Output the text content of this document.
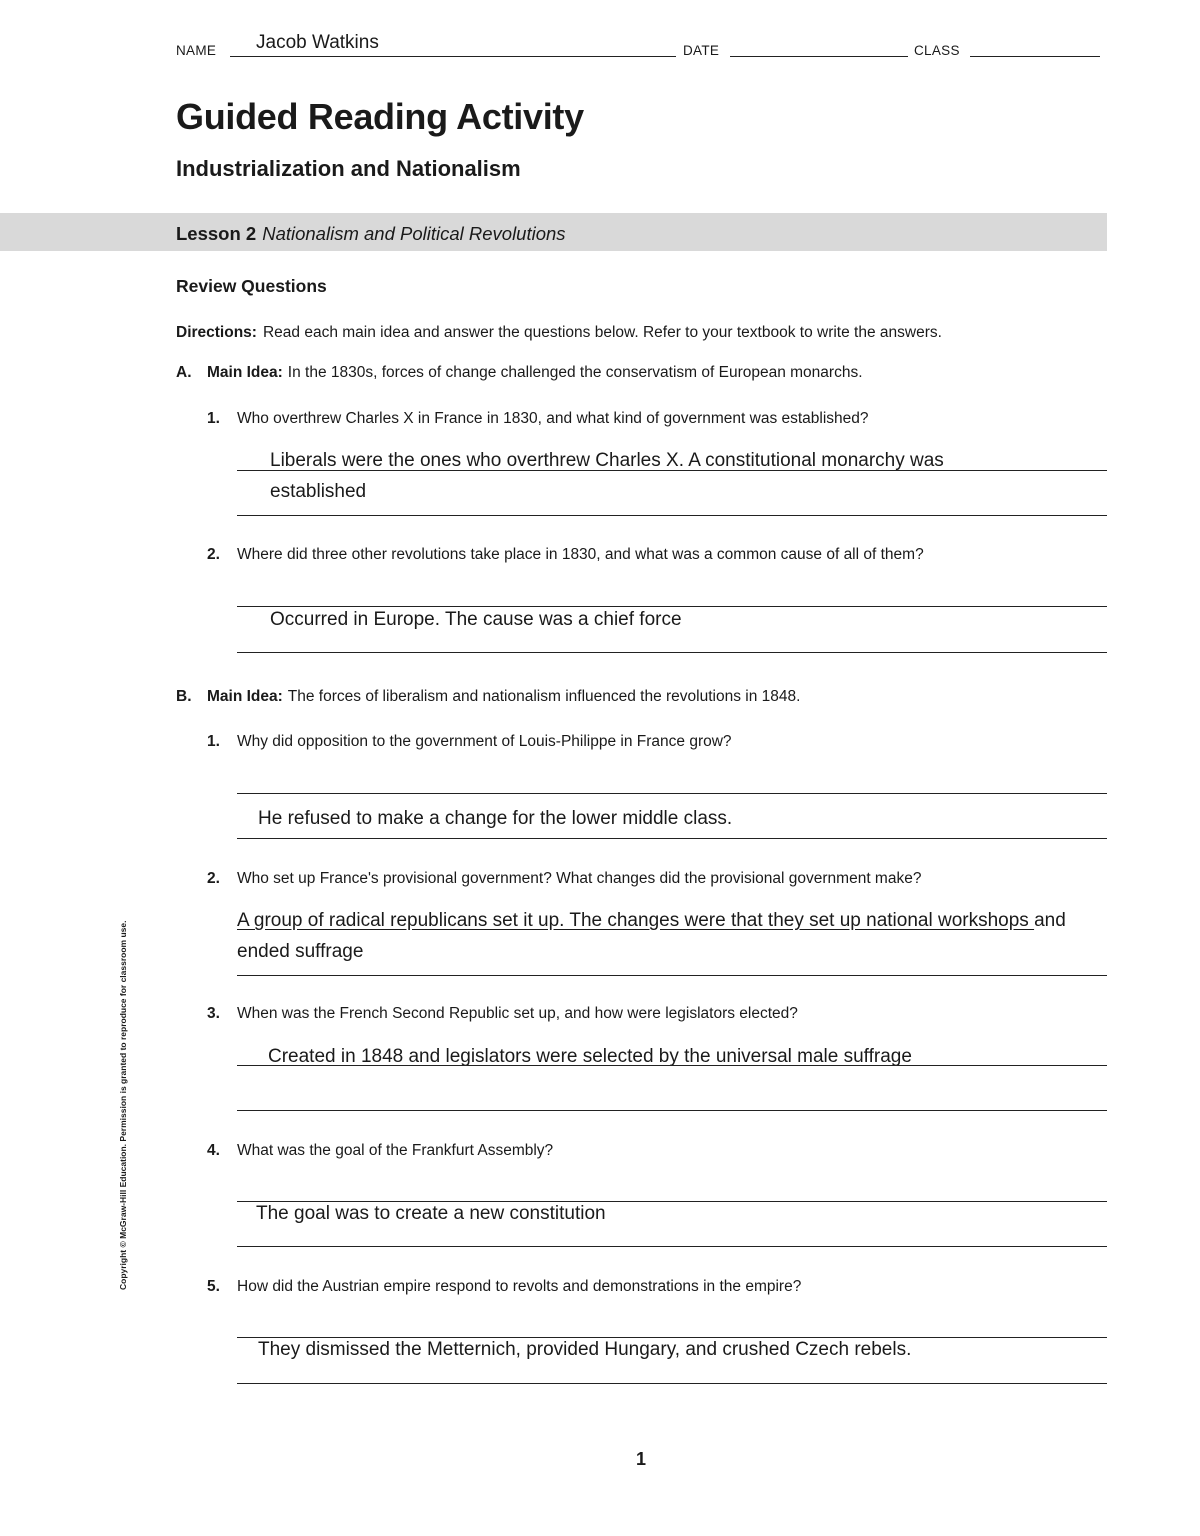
NAME Jacob Watkins	DATE	CLASS
Guided Reading Activity
Industrialization and Nationalism
Lesson 2 Nationalism and Political Revolutions
Review Questions
Directions: Read each main idea and answer the questions below. Refer to your textbook to write the answers.
A. Main Idea: In the 1830s, forces of change challenged the conservatism of European monarchs.
1. Who overthrew Charles X in France in 1830, and what kind of government was established?
Liberals were the ones who overthrew Charles X. A constitutional monarchy was
established
2. Where did three other revolutions take place in 1830, and what was a common cause of all of them?
Occurred in Europe. The cause was a chief force
B. Main Idea: The forces of liberalism and nationalism influenced the revolutions in 1848.
1. Why did opposition to the government of Louis-Philippe in France grow?
He refused to make a change for the lower middle class.
2. Who set up France's provisional government? What changes did the provisional government make?
A group of radical republicans set it up. The changes were that they set up national workshops and
ended suffrage
3. When was the French Second Republic set up, and how were legislators elected?
Created in 1848 and legislators were selected by the universal male suffrage
4. What was the goal of the Frankfurt Assembly?
The goal was to create a new constitution
5. How did the Austrian empire respond to revolts and demonstrations in the empire?
They dismissed the Metternich, provided Hungary, and crushed Czech rebels.
Copyright © McGraw-Hill Education. Permission is granted to reproduce for classroom use.
1
